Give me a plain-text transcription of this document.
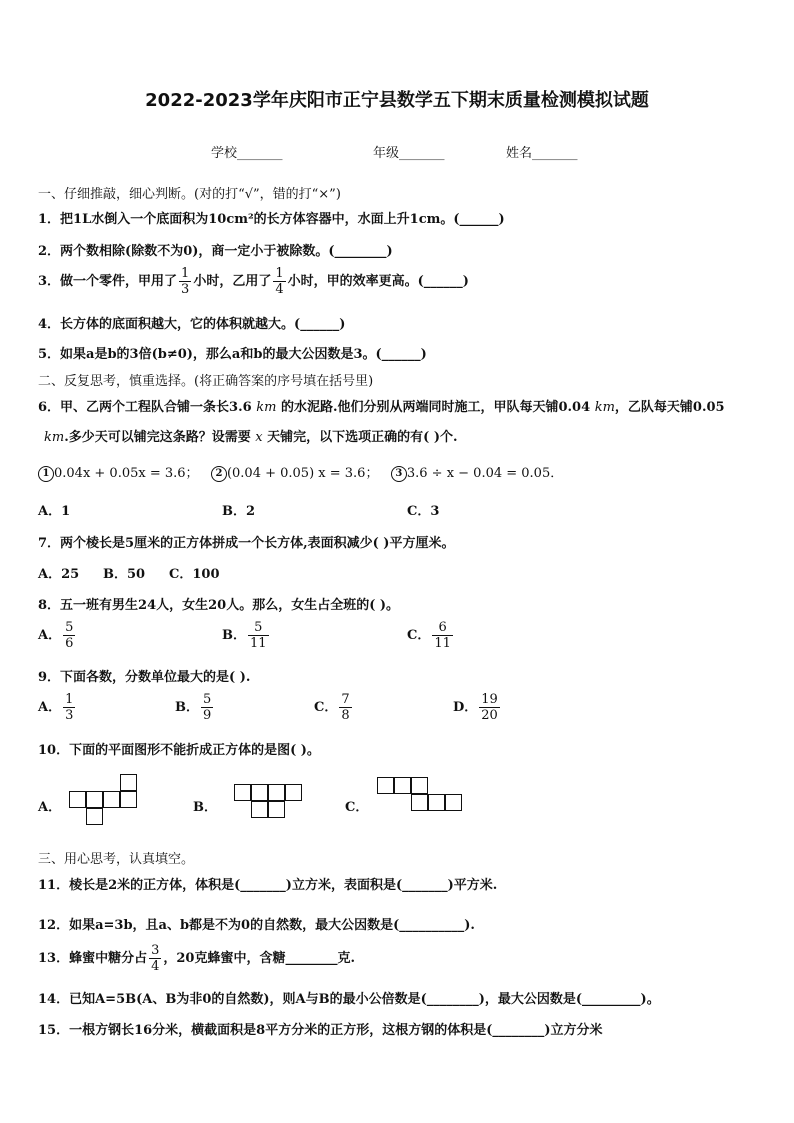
2022-2023学年庆阳市正宁县数学五下期末质量检测模拟试题
学校_______	年级_______	姓名_______
一、仔细推敲，细心判断。(对的打“√”，错的打“×”)
1．把1L水倒入一个底面积为10cm²的长方体容器中，水面上升1cm。(______)
2．两个数相除(除数不为0)，商一定小于被除数。(________)
3．做一个零件，甲用了 $\frac{1}{3}$ 小时，乙用了 $\frac{1}{4}$ 小时，甲的效率更高。(______)
4．长方体的底面积越大，它的体积就越大。(______)
5．如果a是b的3倍(b≠0)，那么a和b的最大公因数是3。(______)
二、反复思考，慎重选择。(将正确答案的序号填在括号里)
6．甲、乙两个工程队合铺一条长3.6 km 的水泥路.他们分别从两端同时施工，甲队每天铺0.04 km，乙队每天铺0.05
km.多少天可以铺完这条路？设需要 x 天铺完，以下选项正确的有( )个.
1 0.04x + 0.05x = 3.6； 2 (0.04 + 0.05) x = 3.6； 3 3.6 ÷ x − 0.04 = 0.05．
A．1	B．2	C．3
7．两个棱长是5厘米的正方体拼成一个长方体,表面积减少( )平方厘米。
A．25 B．50 C．100
8．五一班有男生24人，女生20人。那么，女生占全班的( )。
A． $\frac{5}{6}$	B． $\frac{5}{11}$	C． $\frac{6}{11}$
9．下面各数，分数单位最大的是( ).
A． $\frac{1}{3}$	B． $\frac{5}{9}$	C． $\frac{7}{8}$	D． $\frac{19}{20}$
10．下面的平面图形不能折成正方体的是图( )。
A．	B．	C．
三、用心思考，认真填空。
11．棱长是2米的正方体，体积是(_______)立方米，表面积是(_______)平方米.
12．如果a=3b，且a、b都是不为0的自然数，最大公因数是(__________).
13．蜂蜜中糖分占 $\frac{3}{4}$ ，20克蜂蜜中，含糖________克.
14．已知A=5B(A、B为非0的自然数)，则A与B的最小公倍数是(________)，最大公因数是(_________)。
15．一根方钢长16分米，横截面积是8平方分米的正方形，这根方钢的体积是(________)立方分米
